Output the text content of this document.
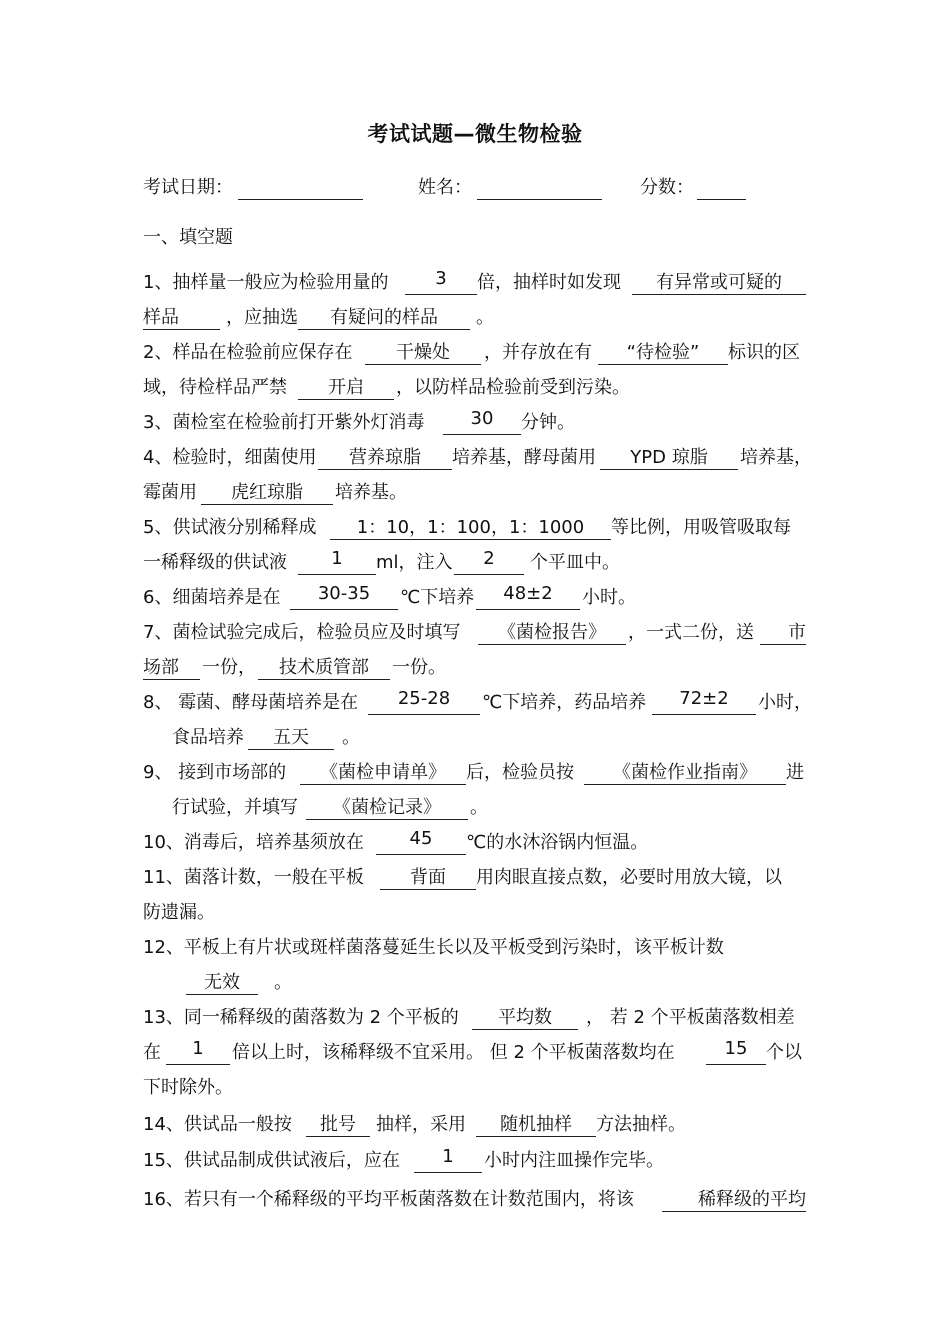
考试试题—微生物检验
考试日期：	姓名：	分数：
一、填空题
1、抽样量一般应为检验用量的	3	倍，抽样时如发现	有异常或可疑的
样品	，应抽选	有疑问的样品	。
2、样品在检验前应保存在	干燥处	，并存放在有	“待检验”	标识的区
域，待检样品严禁	开启	，以防样品检验前受到污染。
3、菌检室在检验前打开紫外灯消毒	30	分钟。
4、检验时，细菌使用	营养琼脂	培养基，酵母菌用	YPD 琼脂	培养基，
霉菌用	虎红琼脂	培养基。
5、供试液分别稀释成	1：10，1：100，1：1000	等比例，用吸管吸取每
一稀释级的供试液	1	ml，注入	2	个平皿中。
6、细菌培养是在	30-35	℃下培养	48±2	小时。
7、菌检试验完成后，检验员应及时填写	《菌检报告》	，一式二份，送	市
场部	一份，	技术质管部	一份。
8、 霉菌、酵母菌培养是在	25-28	℃下培养，药品培养	72±2	小时，
食品培养	五天	。
9、 接到市场部的	《菌检申请单》	后，检验员按	《菌检作业指南》	进
行试验，并填写	《菌检记录》	。
10、消毒后，培养基须放在	45	℃的水沐浴锅内恒温。
11、菌落计数，一般在平板	背面	用肉眼直接点数，必要时用放大镜，以
防遗漏。
12、平板上有片状或斑样菌落蔓延生长以及平板受到污染时，该平板计数
无效	。
13、同一稀释级的菌落数为 2 个平板的	平均数	， 若 2 个平板菌落数相差
在	1	倍以上时，该稀释级不宜采用。 但 2 个平板菌落数均在	15	个以
下时除外。
14、供试品一般按	批号	抽样，采用	随机抽样	方法抽样。
15、供试品制成供试液后，应在	1	小时内注皿操作完毕。
16、若只有一个稀释级的平均平板菌落数在计数范围内，将该	稀释级的平均
